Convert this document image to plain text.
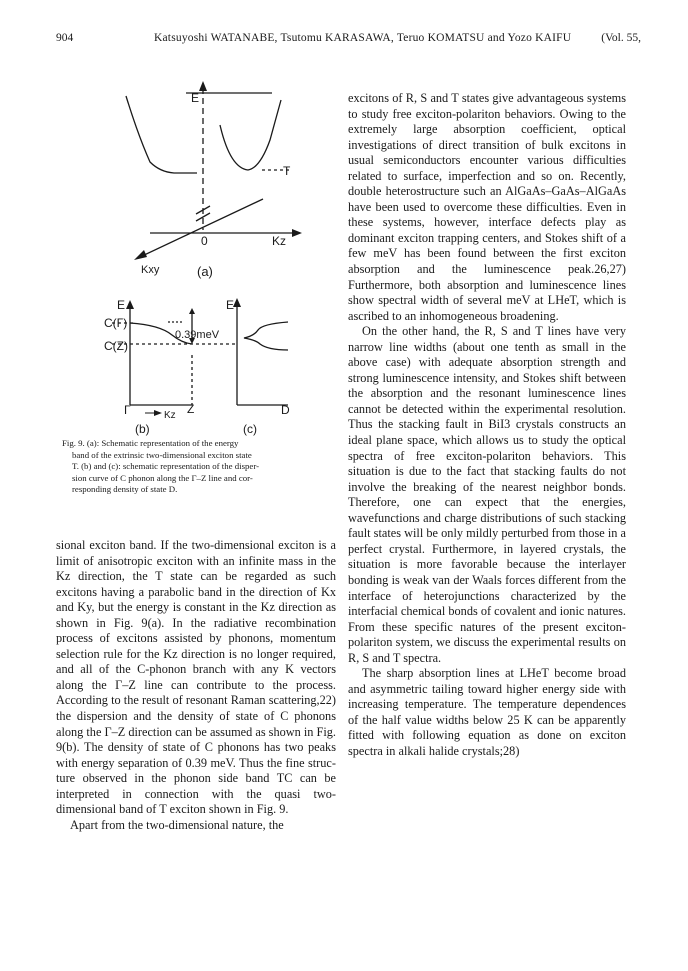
904	Katsuyoshi WATANABE, Tsutomu KARASAWA, Teruo KOMATSU and Yozo KAIFU	(Vol. 55,
E
T
0	Kz
Kxy	(a)
E
C(Γ)
C(Z)
0.39meV
Γ	Kz Z
(b)
E
D
(c)
Fig. 9. (a): Schematic representation of the energy
band of the extrinsic two-dimensional exciton state
T. (b) and (c): schematic representation of the disper-
sion curve of C phonon along the Γ–Z line and cor-
responding density of state D.

sional exciton band. If the two-dimensional exciton is a limit of anisotropic exciton with an infinite mass in the Kz direction, the T state can be regarded as such excitons having a parabolic band in the direction of Kx and Ky, but the energy is constant in the Kz direction as shown in Fig. 9(a). In the radiative recombination process of excitons assisted by phonons, momentum selection rule for the Kz direction is no longer required, and all of the C-phonon branch with any K vectors along the Γ–Z line can contribute to the process. According to the result of resonant Raman scattering,22) the dispersion and the density of state of C phonons along the Γ–Z direction can be assumed as shown in Fig. 9(b). The density of state of C phonons has two peaks with energy separation of 0.39 meV. Thus the fine structure observed in the phonon side band TC can be interpreted in connection with the quasi two-dimensional band of T exciton shown in Fig. 9.

Apart from the two-dimensional nature, the

excitons of R, S and T states give advantageous systems to study free exciton-polariton behaviors. Owing to the extremely large absorption coefficient, optical investigations of direct transition of bulk excitons in usual semiconductors encounter various difficulties related to surface, imperfection and so on. Recently, double heterostructure such an AlGaAs–GaAs–AlGaAs have been used to overcome these difficulties. Even in these systems, however, interface defects play as dominant exciton trapping centers, and Stokes shift of a few meV has been found between the first exciton absorption and the luminescence peak.26,27) Furthermore, both absorption and luminescence lines show spectral width of several meV at LHeT, which is ascribed to an inhomogeneous broadening.

On the other hand, the R, S and T lines have very narrow line widths (about one tenth as small in the above case) with adequate absorption strength and strong luminescence intensity, and Stokes shift between the absorption and the resonant luminescence lines cannot be detected within the experimental resolution. Thus the stacking fault in BiI3 crystals constructs an ideal plane space, which allows us to study the optical spectra of free exciton-polariton behaviors. This situation is due to the fact that stacking faults do not involve the breaking of the nearest neighbor bonds. Therefore, one can expect that the energies, wavefunctions and charge distributions of such stacking fault states will be only mildly perturbed from those in a perfect crystal. Furthermore, in layered crystals, the situation is more favorable because the interlayer bonding is weak van der Waals forces different from the interface of heterojunctions characterized by the interfacial chemical bonds of covalent and ionic natures. From these specific natures of the present exciton-polariton system, we discuss the experimental results on R, S and T spectra.

The sharp absorption lines at LHeT become broad and asymmetric tailing toward higher energy side with increasing temperature. The temperature dependences of the half value widths below 25 K can be apparently fitted with following equation as done on exciton spectra in alkali halide crystals;28)
